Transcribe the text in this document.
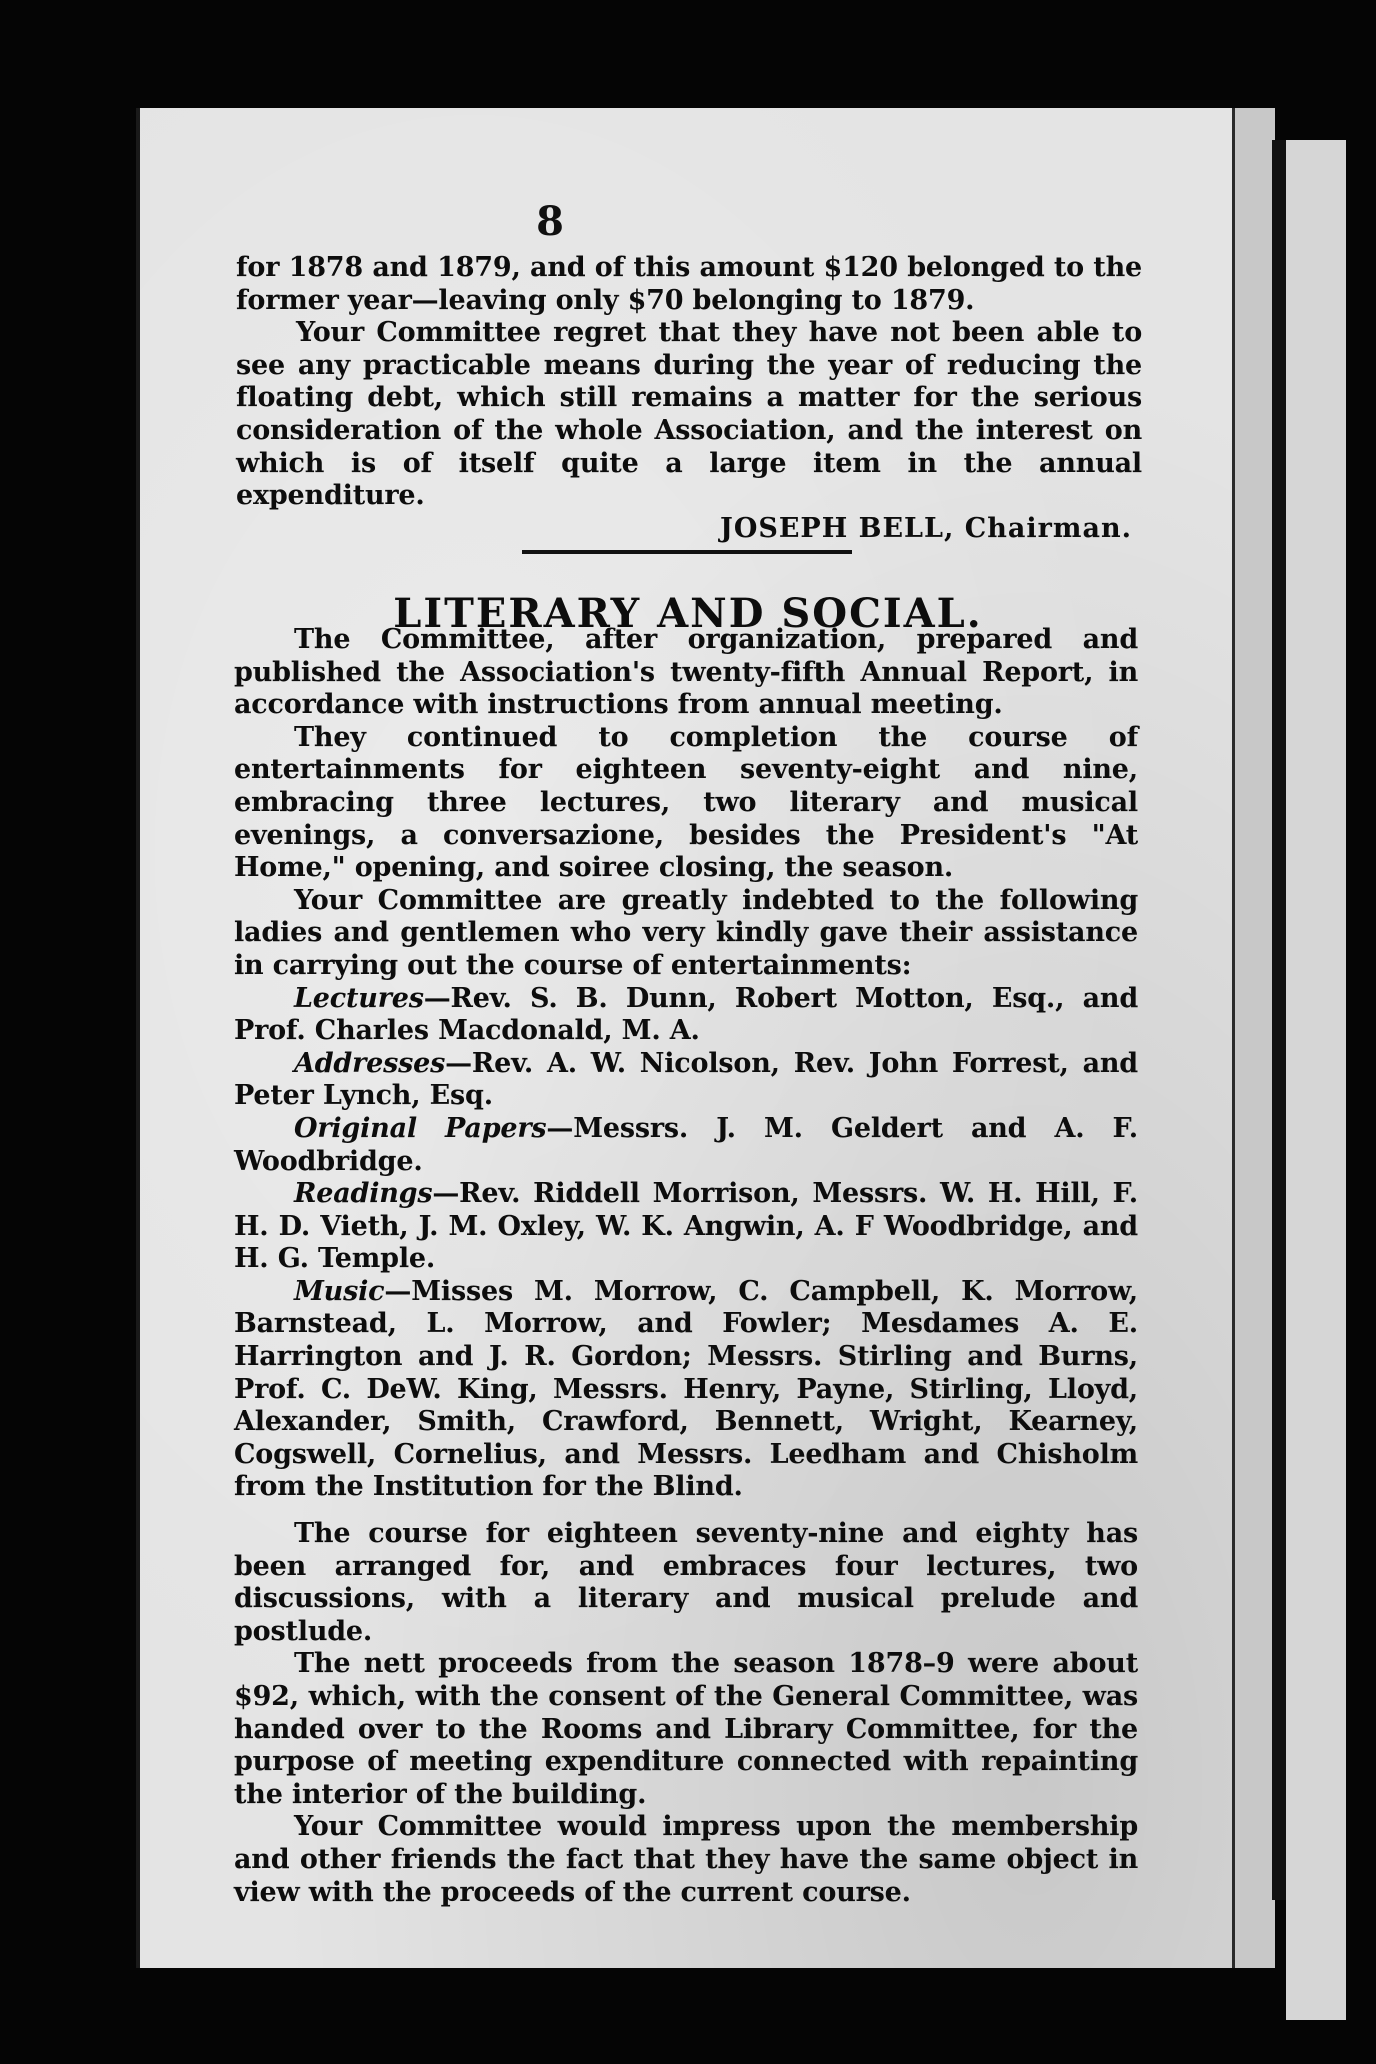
8

for 1878 and 1879, and of this amount $120 belonged to the former year—leaving only $70 belonging to 1879.

Your Committee regret that they have not been able to see any practicable means during the year of reducing the floating debt, which still remains a matter for the serious consideration of the whole Association, and the interest on which is of itself quite a large item in the annual expenditure.

JOSEPH BELL, Chairman.

LITERARY AND SOCIAL.

The Committee, after organization, prepared and published the Association's twenty-fifth Annual Report, in accordance with instructions from annual meeting.

They continued to completion the course of entertainments for eighteen seventy-eight and nine, embracing three lectures, two literary and musical evenings, a conversazione, besides the President's "At Home," opening, and soiree closing, the season.

Your Committee are greatly indebted to the following ladies and gentlemen who very kindly gave their assistance in carrying out the course of entertainments:

Lectures—Rev. S. B. Dunn, Robert Motton, Esq., and Prof. Charles Macdonald, M. A.

Addresses—Rev. A. W. Nicolson, Rev. John Forrest, and Peter Lynch, Esq.

Original Papers—Messrs. J. M. Geldert and A. F. Woodbridge.

Readings—Rev. Riddell Morrison, Messrs. W. H. Hill, F. H. D. Vieth, J. M. Oxley, W. K. Angwin, A. F Woodbridge, and H. G. Temple.

Music—Misses M. Morrow, C. Campbell, K. Morrow, Barnstead, L. Morrow, and Fowler; Mesdames A. E. Harrington and J. R. Gordon; Messrs. Stirling and Burns, Prof. C. DeW. King, Messrs. Henry, Payne, Stirling, Lloyd, Alexander, Smith, Crawford, Bennett, Wright, Kearney, Cogswell, Cornelius, and Messrs. Leedham and Chisholm from the Institution for the Blind.

The course for eighteen seventy-nine and eighty has been arranged for, and embraces four lectures, two discussions, with a literary and musical prelude and postlude.

The nett proceeds from the season 1878–9 were about $92, which, with the consent of the General Committee, was handed over to the Rooms and Library Committee, for the purpose of meeting expenditure connected with repainting the interior of the building.

Your Committee would impress upon the membership and other friends the fact that they have the same object in view with the proceeds of the current course.
